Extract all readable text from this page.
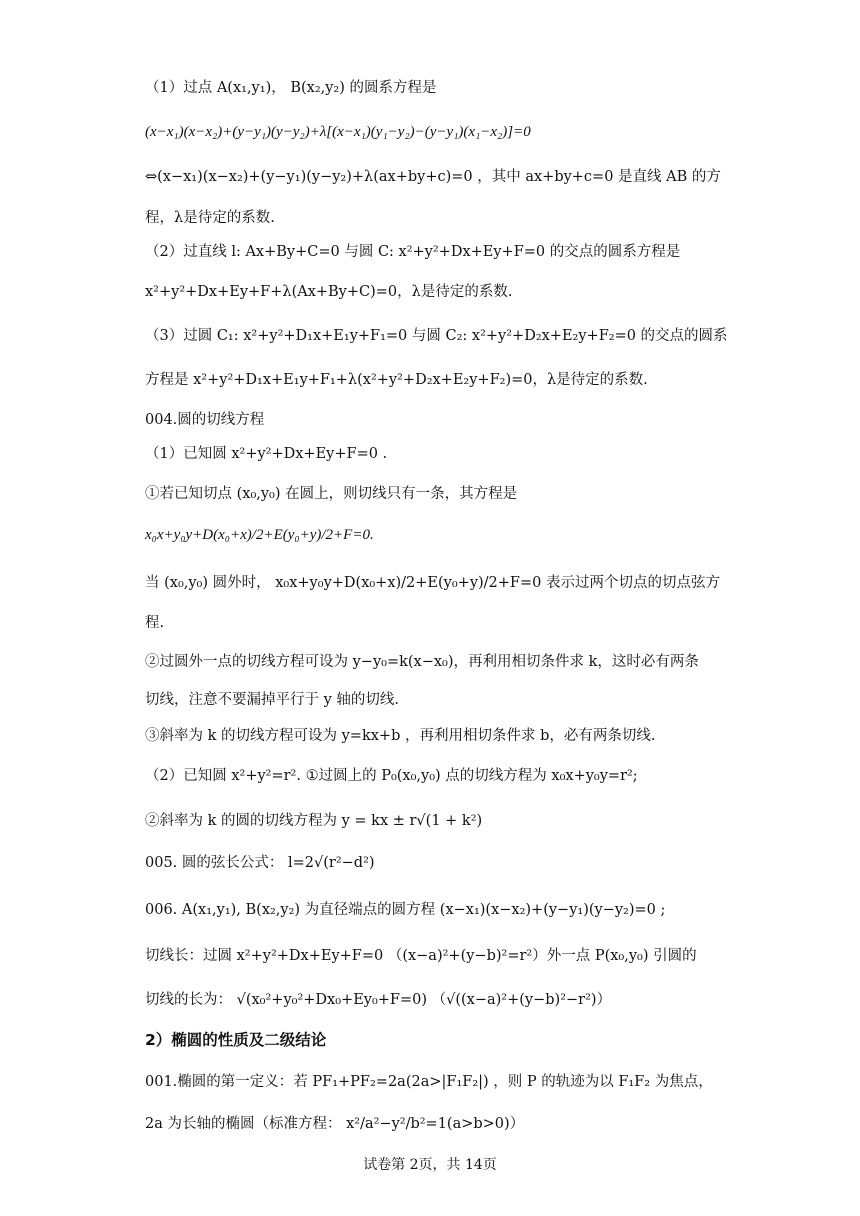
（1）过点 A(x₁,y₁)， B(x₂,y₂) 的圆系方程是
(x−x₁)(x−x₂)+(y−y₁)(y−y₂)+λ[(x−x₁)(y₁−y₂)−(y−y₁)(x₁−x₂)]=0
⇔(x−x₁)(x−x₂)+(y−y₁)(y−y₂)+λ(ax+by+c)=0 ，其中 ax+by+c=0 是直线 AB 的方
程，λ是待定的系数.
（2）过直线 l: Ax+By+C=0 与圆 C: x²+y²+Dx+Ey+F=0 的交点的圆系方程是
x²+y²+Dx+Ey+F+λ(Ax+By+C)=0，λ是待定的系数.
（3）过圆 C₁: x²+y²+D₁x+E₁y+F₁=0 与圆 C₂: x²+y²+D₂x+E₂y+F₂=0 的交点的圆系
方程是 x²+y²+D₁x+E₁y+F₁+λ(x²+y²+D₂x+E₂y+F₂)=0，λ是待定的系数.
004.圆的切线方程
（1）已知圆 x²+y²+Dx+Ey+F=0 .
①若已知切点 (x₀,y₀) 在圆上，则切线只有一条，其方程是
x₀x+y₀y+D(x₀+x)/2+E(y₀+y)/2+F=0.
当 (x₀,y₀) 圆外时， x₀x+y₀y+D(x₀+x)/2+E(y₀+y)/2+F=0 表示过两个切点的切点弦方
程.
②过圆外一点的切线方程可设为 y−y₀=k(x−x₀)，再利用相切条件求 k，这时必有两条
切线，注意不要漏掉平行于 y 轴的切线.
③斜率为 k 的切线方程可设为 y=kx+b ，再利用相切条件求 b，必有两条切线.
（2）已知圆 x²+y²=r². ①过圆上的 P₀(x₀,y₀) 点的切线方程为 x₀x+y₀y=r²;
②斜率为 k 的圆的切线方程为 y = kx ± r√(1 + k²)
005. 圆的弦长公式： l=2√(r²−d²)
006. A(x₁,y₁), B(x₂,y₂) 为直径端点的圆方程 (x−x₁)(x−x₂)+(y−y₁)(y−y₂)=0 ;
切线长：过圆 x²+y²+Dx+Ey+F=0 （(x−a)²+(y−b)²=r²）外一点 P(x₀,y₀) 引圆的
切线的长为： √(x₀²+y₀²+Dx₀+Ey₀+F=0) （√((x−a)²+(y−b)²−r²)）
2）椭圆的性质及二级结论
001.椭圆的第一定义：若 PF₁+PF₂=2a(2a>|F₁F₂|) ，则 P 的轨迹为以 F₁F₂ 为焦点，
2a 为长轴的椭圆（标准方程： x²/a²−y²/b²=1(a>b>0)）
试卷第 2页，共 14页
